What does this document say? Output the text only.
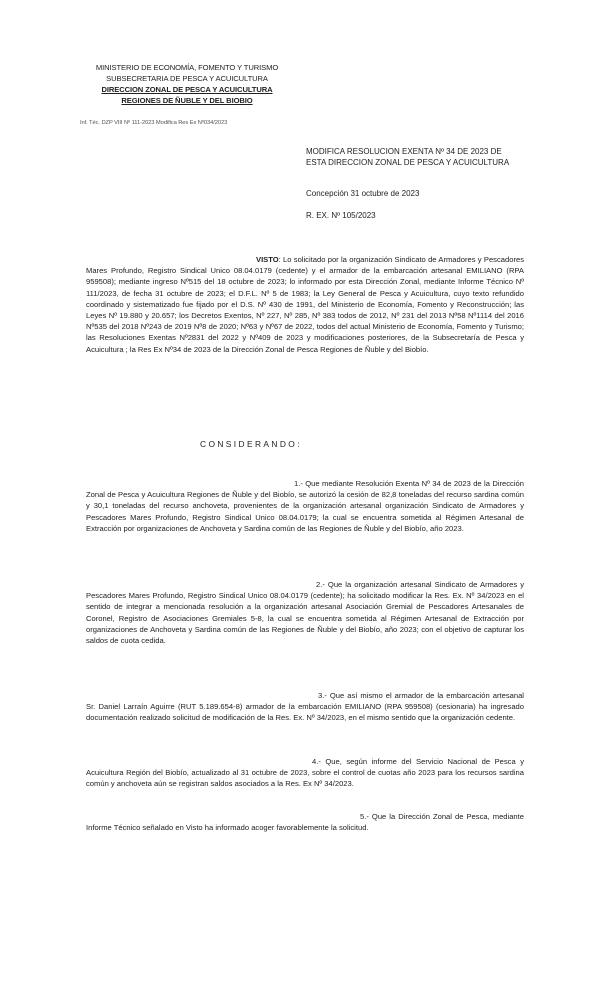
MINISTERIO DE ECONOMÍA, FOMENTO Y TURISMO
SUBSECRETARIA DE PESCA Y ACUICULTURA
DIRECCION ZONAL DE PESCA Y ACUICULTURA
REGIONES DE ÑUBLE Y DEL BIOBIO
Inf. Téc. DZP VIII Nº 111-2023 Modifica Res Ex Nº034/2023
MODIFICA RESOLUCION EXENTA Nº 34 DE 2023 DE
ESTA DIRECCION ZONAL DE PESCA Y ACUICULTURA
Concepción 31 octubre de 2023
R. EX. Nº 105/2023
VISTO: Lo solicitado por la organización Sindicato de Armadores y Pescadores Mares Profundo, Registro Sindical Unico 08.04.0179 (cedente) y el armador de la embarcación artesanal EMILIANO (RPA 959508); mediante ingreso Nº515 del 18 octubre de 2023; lo informado por esta Dirección Zonal, mediante Informe Técnico Nº 111/2023, de fecha 31 octubre de 2023; el D.F.L. Nº 5 de 1983; la Ley General de Pesca y Acuicultura, cuyo texto refundido coordinado y sistematizado fue fijado por el D.S. Nº 430 de 1991, del Ministerio de Economía, Fomento y Reconstrucción; las Leyes Nº 19.880 y 20.657; los Decretos Exentos, Nº 227, Nº 285, Nº 383 todos de 2012, Nº 231 del 2013 Nº58 Nº1114 del 2016 Nº535 del 2018 Nº243 de 2019 Nº8 de 2020; Nº63 y Nº67 de 2022, todos del actual Ministerio de Economía, Fomento y Turismo; las Resoluciones Exentas Nº2831 del 2022 y Nº409 de 2023 y modificaciones posteriores, de la Subsecretaría de Pesca y Acuicultura ; la Res Ex Nº34 de 2023 de la Dirección Zonal de Pesca Regiones de Ñuble y del Biobío.
CONSIDERANDO:
1.- Que mediante Resolución Exenta Nº 34 de 2023 de la Dirección Zonal de Pesca y Acuicultura Regiones de Ñuble y del Biobío, se autorizó la cesión de 82,8 toneladas del recurso sardina común y 30,1 toneladas del recurso anchoveta, provenientes de la organización artesanal organización Sindicato de Armadores y Pescadores Mares Profundo, Registro Sindical Unico 08.04.0179; la cual se encuentra sometida al Régimen Artesanal de Extracción por organizaciones de Anchoveta y Sardina común de las Regiones de Ñuble y del Biobío, año 2023.
2.- Que la organización artesanal Sindicato de Armadores y Pescadores Mares Profundo, Registro Sindical Unico 08.04.0179 (cedente); ha solicitado modificar la Res. Ex. Nº 34/2023 en el sentido de integrar a mencionada resolución a la organización artesanal Asociación Gremial de Pescadores Artesanales de Coronel, Registro de Asociaciones Gremiales 5-8, la cual se encuentra sometida al Régimen Artesanal de Extracción por organizaciones de Anchoveta y Sardina común de las Regiones de Ñuble y del Biobío, año 2023; con el objetivo de capturar los saldos de cuota cedida.
3.- Que así mismo el armador de la embarcación artesanal Sr. Daniel Larraín Aguirre (RUT 5.189.654-8) armador de la embarcación EMILIANO (RPA 959508) (cesionaria) ha ingresado documentación realizado solicitud de modificación de la Res. Ex. Nº 34/2023, en el mismo sentido que la organización cedente.
4.- Que, según informe del Servicio Nacional de Pesca y Acuicultura Región del Biobío, actualizado al 31 octubre de 2023, sobre el control de cuotas año 2023 para los recursos sardina común y anchoveta aún se registran saldos asociados a la Res. Ex Nº 34/2023.
5.- Que la Dirección Zonal de Pesca, mediante Informe Técnico señalado en Visto ha informado acoger favorablemente la solicitud.
